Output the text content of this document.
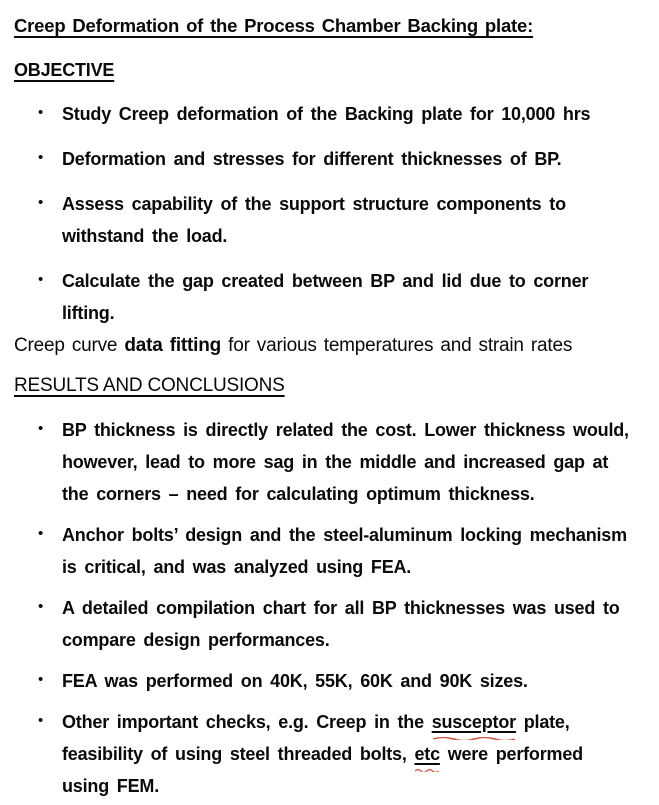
Creep Deformation of the Process Chamber Backing plate:
OBJECTIVE
• Study Creep deformation of the Backing plate for 10,000 hrs
• Deformation and stresses for different thicknesses of BP.
• Assess capability of the support structure components to
withstand the load.
• Calculate the gap created between BP and lid due to corner
lifting.
Creep curve data fitting for various temperatures and strain rates
RESULTS AND CONCLUSIONS
• BP thickness is directly related the cost. Lower thickness would,
however, lead to more sag in the middle and increased gap at
the corners – need for calculating optimum thickness.
• Anchor bolts’ design and the steel-aluminum locking mechanism
is critical, and was analyzed using FEA.
• A detailed compilation chart for all BP thicknesses was used to
compare design performances.
• FEA was performed on 40K, 55K, 60K and 90K sizes.
• Other important checks, e.g. Creep in the susceptor
plate,
feasibility of using steel threaded bolts, etc
were performed
using FEM.
